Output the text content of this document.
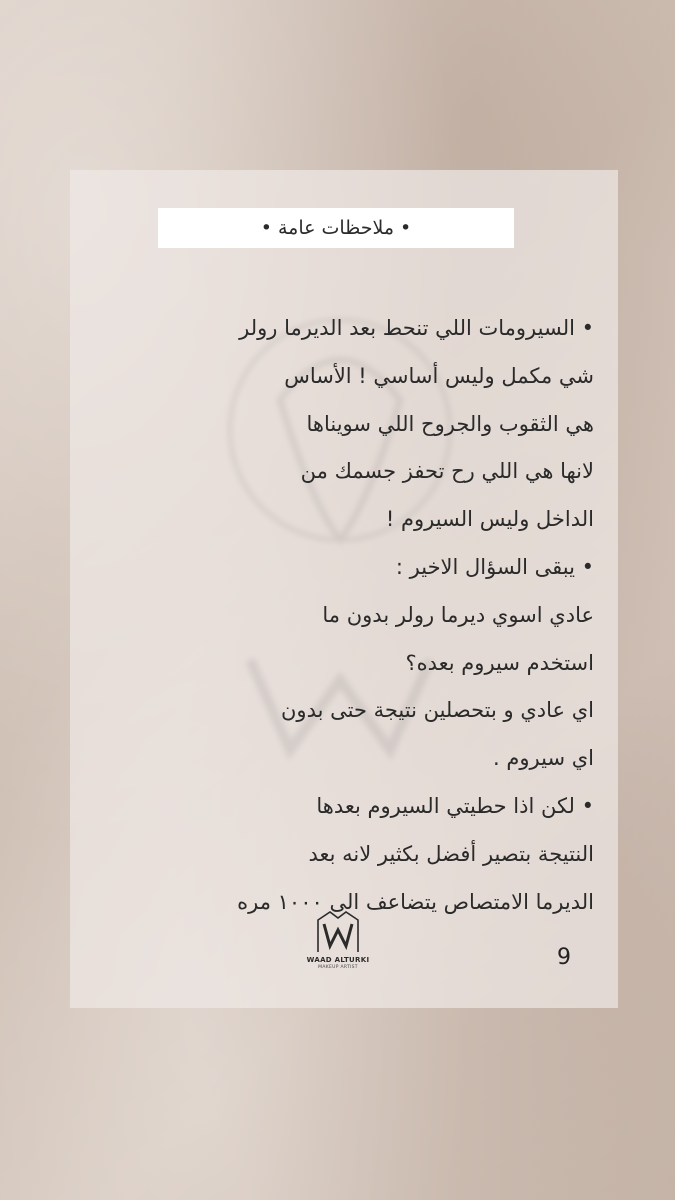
• ملاحظات عامة •
• السيرومات اللي تنحط بعد الديرما رولر
شي مكمل وليس أساسي ! الأساس
هي الثقوب والجروح اللي سويناها
لانها هي اللي رح تحفز جسمك من
الداخل وليس السيروم !
• يبقى السؤال الاخير :
عادي اسوي ديرما رولر بدون ما
استخدم سيروم بعده؟
اي عادي و بتحصلين نتيجة حتى بدون
اي سيروم .
• لكن اذا حطيتي السيروم بعدها
النتيجة بتصير أفضل بكثير لانه بعد
الديرما الامتصاص يتضاعف الى ١٠٠٠ مره
WAAD ALTURKI
MAKEUP ARTIST	9
